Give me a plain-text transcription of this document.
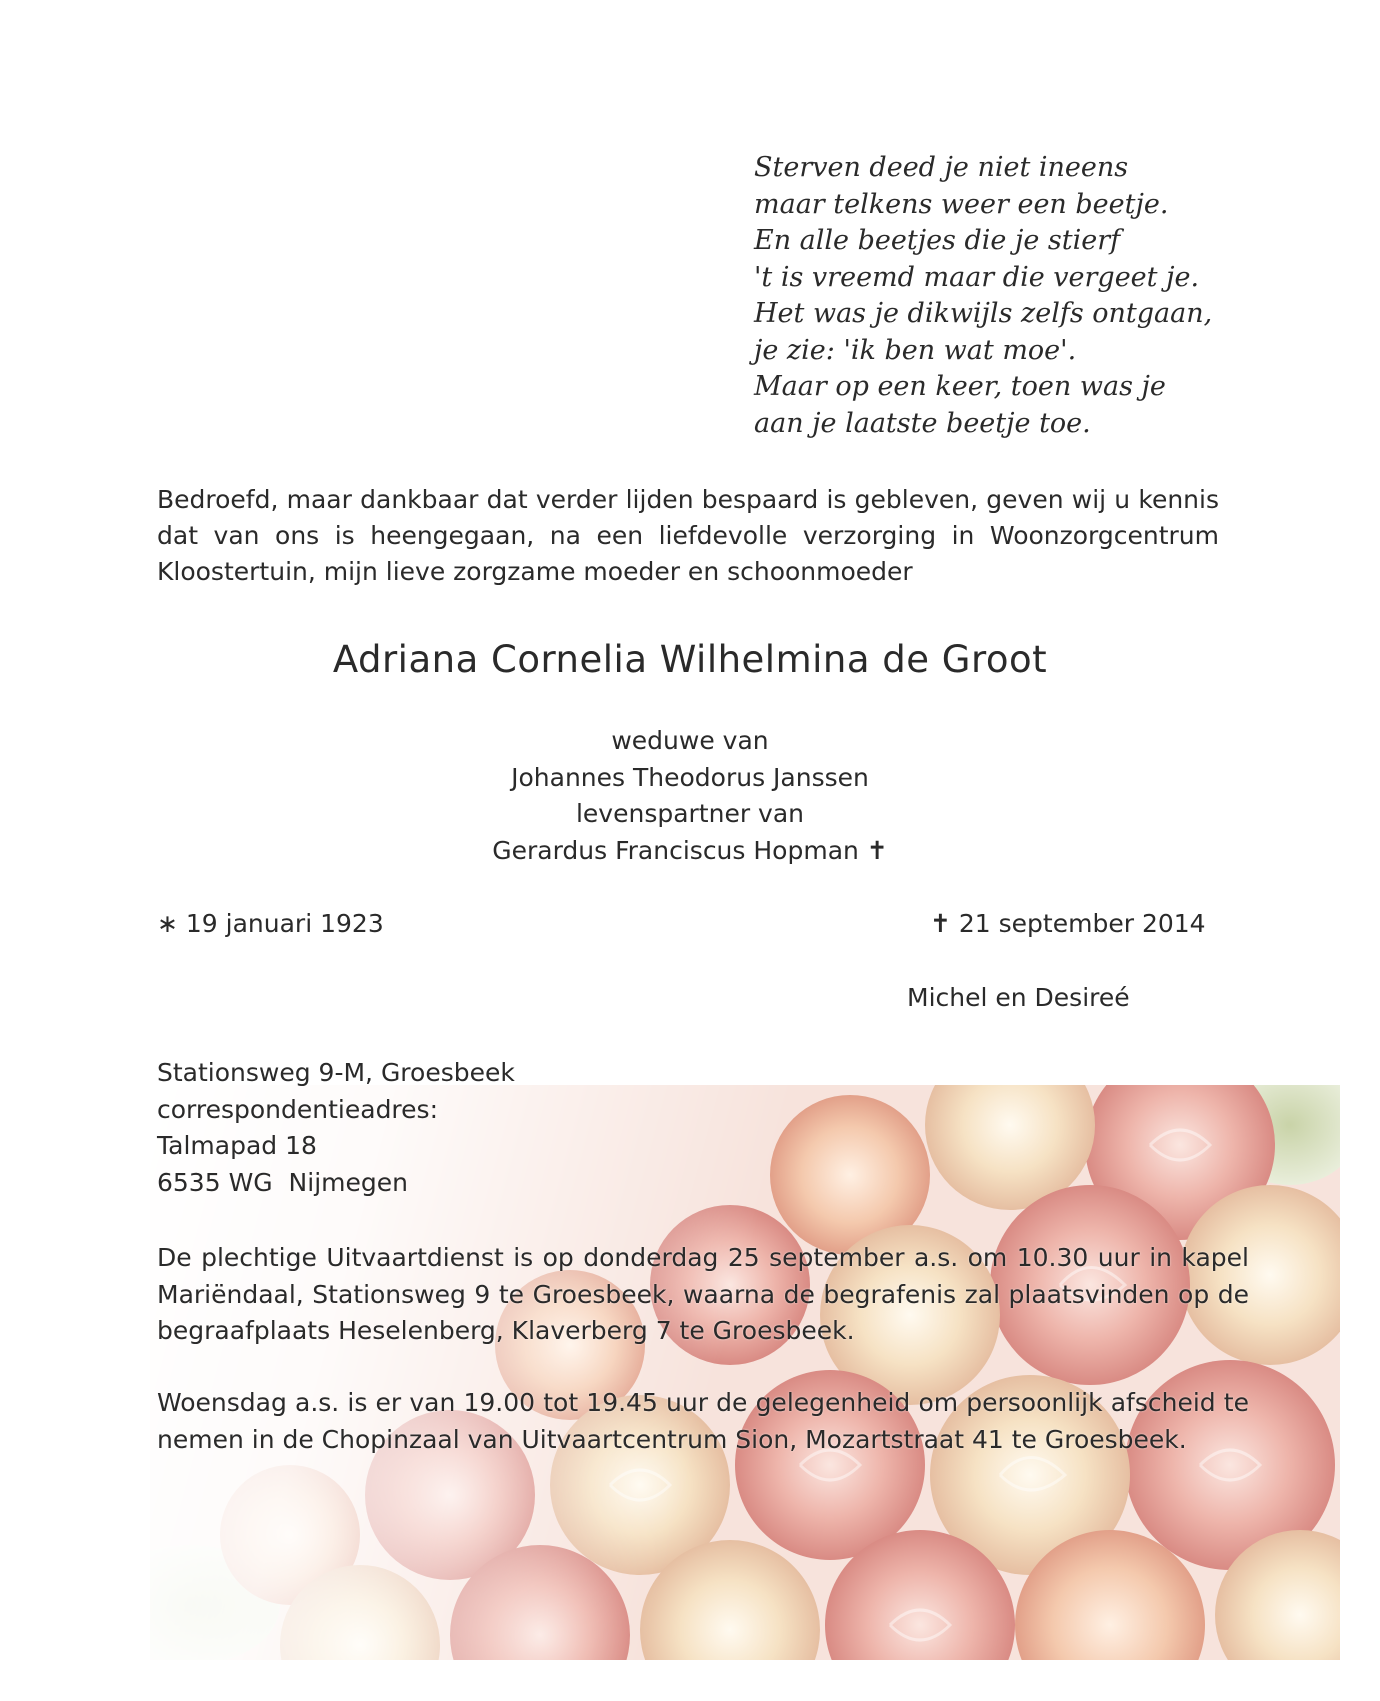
Sterven deed je niet ineens
maar telkens weer een beetje.
En alle beetjes die je stierf
't is vreemd maar die vergeet je.
Het was je dikwijls zelfs ontgaan,
je zie: 'ik ben wat moe'.
Maar op een keer, toen was je
aan je laatste beetje toe.
Bedroefd, maar dankbaar dat verder lijden bespaard is gebleven, geven wij u kennis dat van ons is heengegaan, na een liefdevolle verzorging in Woonzorgcentrum Kloostertuin, mijn lieve zorgzame moeder en schoonmoeder
Adriana Cornelia Wilhelmina de Groot
weduwe van
Johannes Theodorus Janssen
levenspartner van
Gerardus Franciscus Hopman ✝
∗ 19 januari 1923	✝ 21 september 2014
Michel en Desireé
Stationsweg 9-M, Groesbeek
correspondentieadres:
Talmapad 18
6535 WG  Nijmegen
De plechtige Uitvaartdienst is op donderdag 25 september a.s. om 10.30 uur in kapel Mariëndaal, Stationsweg 9 te Groesbeek, waarna de begrafenis zal plaatsvinden op de begraafplaats Heselenberg, Klaverberg 7 te Groesbeek.
Woensdag a.s. is er van 19.00 tot 19.45 uur de gelegenheid om persoonlijk afscheid te nemen in de Chopinzaal van Uitvaartcentrum Sion, Mozartstraat 41 te Groesbeek.
